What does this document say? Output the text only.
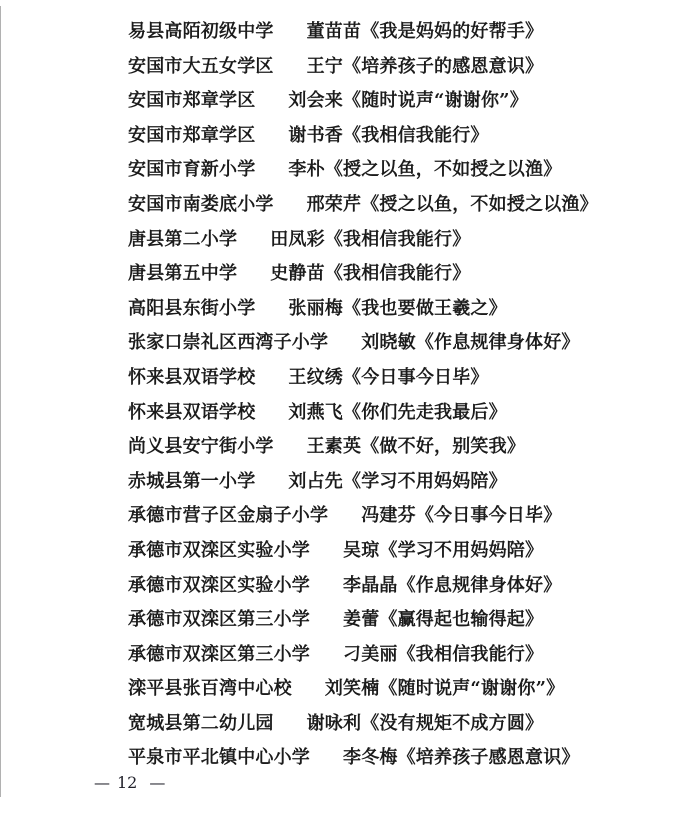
易县高陌初级中学 董苗苗《我是妈妈的好帮手》
安国市大五女学区 王宁《培养孩子的感恩意识》
安国市郑章学区 刘会来《随时说声“谢谢你”》
安国市郑章学区 谢书香《我相信我能行》
安国市育新小学 李朴《授之以鱼，不如授之以渔》
安国市南娄底小学 邢荣芹《授之以鱼，不如授之以渔》
唐县第二小学 田凤彩《我相信我能行》
唐县第五中学 史静苗《我相信我能行》
高阳县东街小学 张丽梅《我也要做王羲之》
张家口崇礼区西湾子小学 刘晓敏《作息规律身体好》
怀来县双语学校 王纹绣《今日事今日毕》
怀来县双语学校 刘燕飞《你们先走我最后》
尚义县安宁街小学 王素英《做不好，别笑我》
赤城县第一小学 刘占先《学习不用妈妈陪》
承德市营子区金扇子小学 冯建芬《今日事今日毕》
承德市双滦区实验小学 吴琼《学习不用妈妈陪》
承德市双滦区实验小学 李晶晶《作息规律身体好》
承德市双滦区第三小学 姜蕾《赢得起也输得起》
承德市双滦区第三小学 刁美丽《我相信我能行》
滦平县张百湾中心校 刘笑楠《随时说声“谢谢你”》
宽城县第二幼儿园 谢咏利《没有规矩不成方圆》
平泉市平北镇中心小学 李冬梅《培养孩子感恩意识》
— 12 —
